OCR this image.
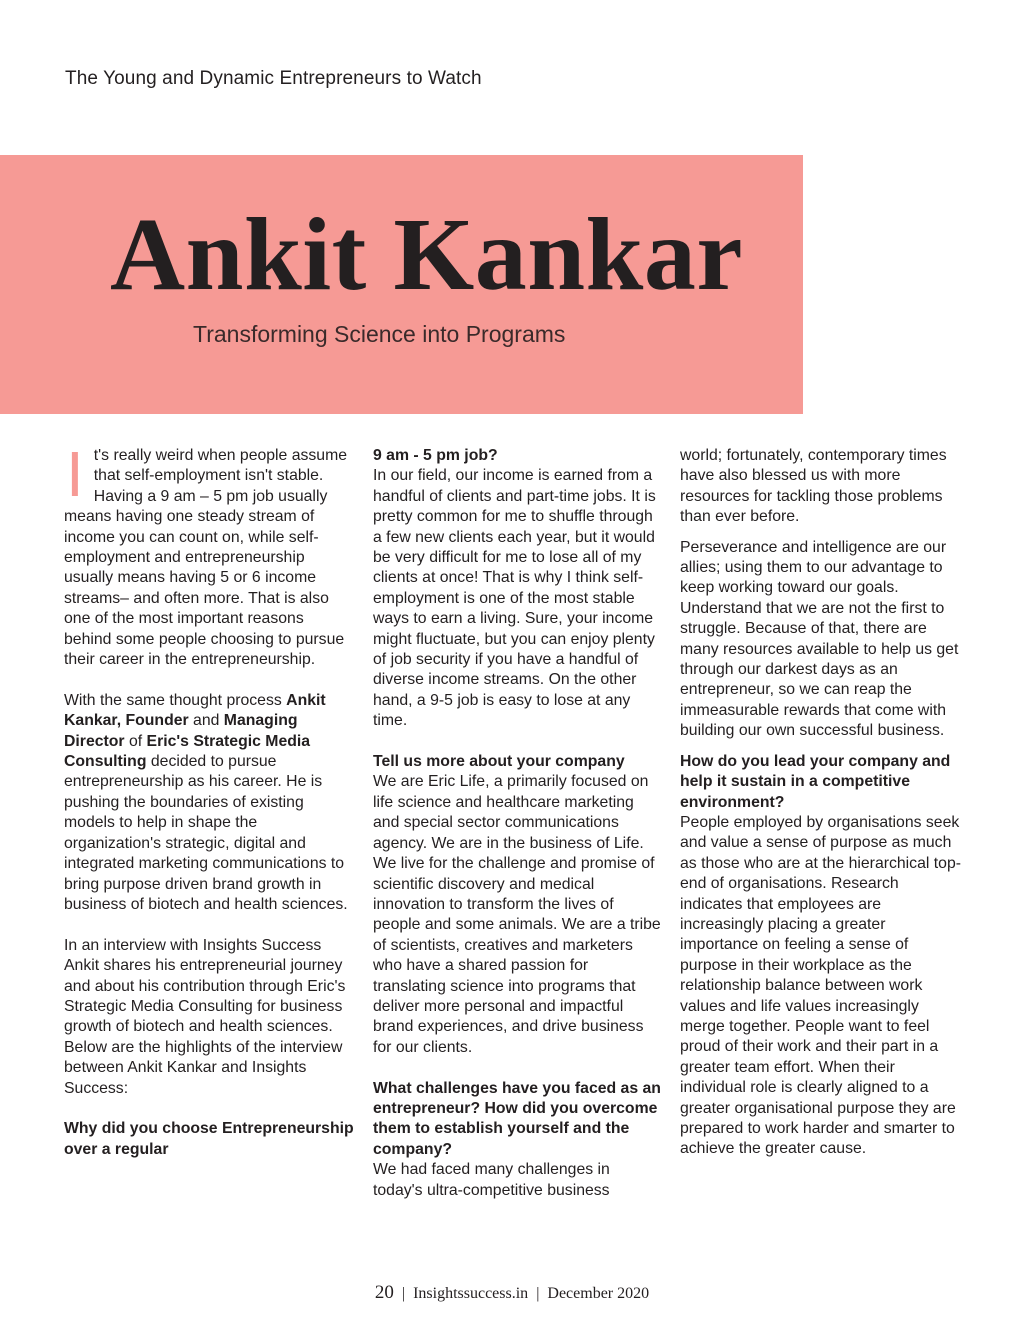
The Young and Dynamic Entrepreneurs to Watch
Ankit Kankar
Transforming Science into Programs

It's really weird when people assume that self-employment isn't stable. Having a 9 am – 5 pm job usually means having one steady stream of income you can count on, while self-employment and entrepreneurship usually means having 5 or 6 income streams– and often more. That is also one of the most important reasons behind some people choosing to pursue their career in the entrepreneurship.

With the same thought process Ankit Kankar, Founder and Managing Director of Eric's Strategic Media Consulting decided to pursue entrepreneurship as his career. He is pushing the boundaries of existing models to help in shape the organization's strategic, digital and integrated marketing communications to bring purpose driven brand growth in business of biotech and health sciences.

In an interview with Insights Success Ankit shares his entrepreneurial journey and about his contribution through Eric's Strategic Media Consulting for business growth of biotech and health sciences. Below are the highlights of the interview between Ankit Kankar and Insights Success:

Why did you choose Entrepreneurship over a regular

9 am - 5 pm job?
In our field, our income is earned from a handful of clients and part-time jobs. It is pretty common for me to shuffle through a few new clients each year, but it would be very difficult for me to lose all of my clients at once! That is why I think self-employment is one of the most stable ways to earn a living. Sure, your income might fluctuate, but you can enjoy plenty of job security if you have a handful of diverse income streams. On the other hand, a 9-5 job is easy to lose at any time.

Tell us more about your company
We are Eric Life, a primarily focused on life science and healthcare marketing and special sector communications agency. We are in the business of Life. We live for the challenge and promise of scientific discovery and medical innovation to transform the lives of people and some animals. We are a tribe of scientists, creatives and marketers who have a shared passion for translating science into programs that deliver more personal and impactful brand experiences, and drive business for our clients.

What challenges have you faced as an entrepreneur? How did you overcome them to establish yourself and the company?
We had faced many challenges in today's ultra-competitive business

world; fortunately, contemporary times have also blessed us with more resources for tackling those problems than ever before.

Perseverance and intelligence are our allies; using them to our advantage to keep working toward our goals. Understand that we are not the first to struggle. Because of that, there are many resources available to help us get through our darkest days as an entrepreneur, so we can reap the immeasurable rewards that come with building our own successful business.

How do you lead your company and help it sustain in a competitive environment?
People employed by organisations seek and value a sense of purpose as much as those who are at the hierarchical top-end of organisations. Research indicates that employees are increasingly placing a greater importance on feeling a sense of purpose in their workplace as the relationship balance between work values and life values increasingly merge together. People want to feel proud of their work and their part in a greater team effort. When their individual role is clearly aligned to a greater organisational purpose they are prepared to work harder and smarter to achieve the greater cause.

20 | Insightssuccess.in | December 2020
